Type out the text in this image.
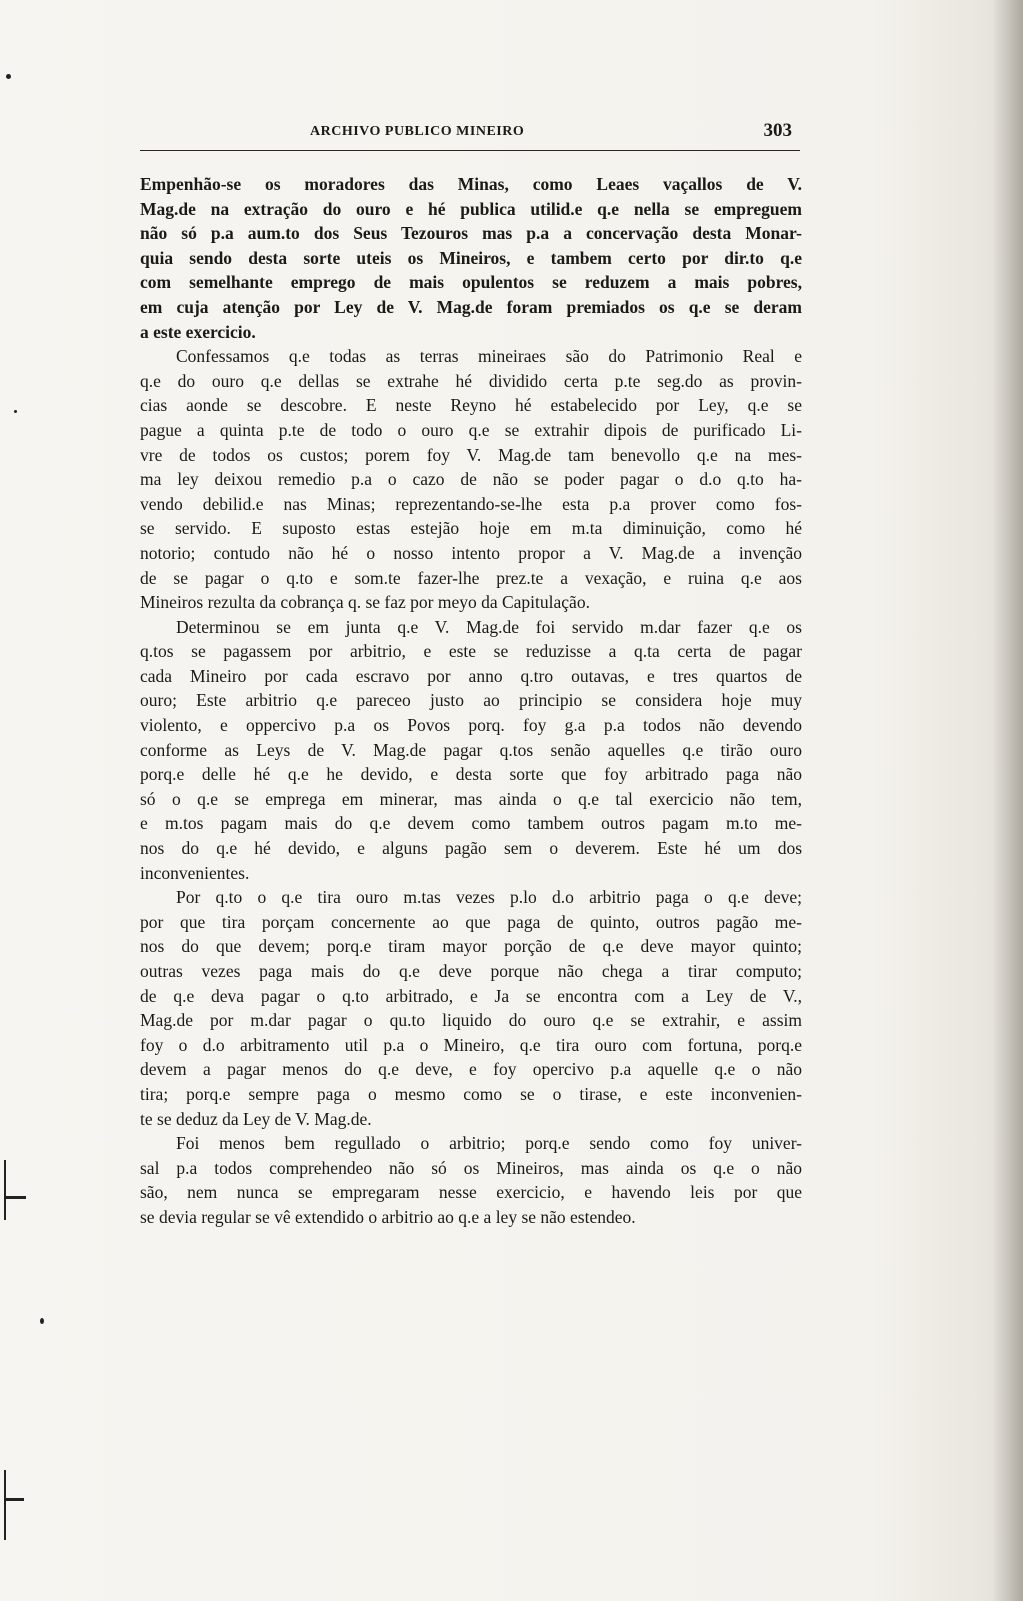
ARCHIVO PUBLICO MINEIRO	303
Empenhão-se os moradores das Minas, como Leaes vaçallos de V.
Mag.de na extração do ouro e hé publica utilid.e q.e nella se empreguem
não só p.a aum.to dos Seus Tezouros mas p.a a concervação desta Monar-
quia sendo desta sorte uteis os Mineiros, e tambem certo por dir.to q.e
com semelhante emprego de mais opulentos se reduzem a mais pobres,
em cuja atenção por Ley de V. Mag.de foram premiados os q.e se deram
a este exercicio.
Confessamos q.e todas as terras mineiraes são do Patrimonio Real e
q.e do ouro q.e dellas se extrahe hé dividido certa p.te seg.do as provin-
cias aonde se descobre. E neste Reyno hé estabelecido por Ley, q.e se
pague a quinta p.te de todo o ouro q.e se extrahir dipois de purificado Li-
vre de todos os custos; porem foy V. Mag.de tam benevollo q.e na mes-
ma ley deixou remedio p.a o cazo de não se poder pagar o d.o q.to ha-
vendo debilid.e nas Minas; reprezentando-se-lhe esta p.a prover como fos-
se servido. E suposto estas estejão hoje em m.ta diminuição, como hé
notorio; contudo não hé o nosso intento propor a V. Mag.de a invenção
de se pagar o q.to e som.te fazer-lhe prez.te a vexação, e ruina q.e aos
Mineiros rezulta da cobrança q. se faz por meyo da Capitulação.
Determinou se em junta q.e V. Mag.de foi servido m.dar fazer q.e os
q.tos se pagassem por arbitrio, e este se reduzisse a q.ta certa de pagar
cada Mineiro por cada escravo por anno q.tro outavas, e tres quartos de
ouro; Este arbitrio q.e pareceo justo ao principio se considera hoje muy
violento, e oppercivo p.a os Povos porq. foy g.a p.a todos não devendo
conforme as Leys de V. Mag.de pagar q.tos senão aquelles q.e tirão ouro
porq.e delle hé q.e he devido, e desta sorte que foy arbitrado paga não
só o q.e se emprega em minerar, mas ainda o q.e tal exercicio não tem,
e m.tos pagam mais do q.e devem como tambem outros pagam m.to me-
nos do q.e hé devido, e alguns pagão sem o deverem. Este hé um dos
inconvenientes.
Por q.to o q.e tira ouro m.tas vezes p.lo d.o arbitrio paga o q.e deve;
por que tira porçam concernente ao que paga de quinto, outros pagão me-
nos do que devem; porq.e tiram mayor porção de q.e deve mayor quinto;
outras vezes paga mais do q.e deve porque não chega a tirar computo;
de q.e deva pagar o q.to arbitrado, e Ja se encontra com a Ley de V.,
Mag.de por m.dar pagar o qu.to liquido do ouro q.e se extrahir, e assim
foy o d.o arbitramento util p.a o Mineiro, q.e tira ouro com fortuna, porq.e
devem a pagar menos do q.e deve, e foy opercivo p.a aquelle q.e o não
tira; porq.e sempre paga o mesmo como se o tirase, e este inconvenien-
te se deduz da Ley de V. Mag.de.
Foi menos bem regullado o arbitrio; porq.e sendo como foy univer-
sal p.a todos comprehendeo não só os Mineiros, mas ainda os q.e o não
são, nem nunca se empregaram nesse exercicio, e havendo leis por que
se devia regular se vê extendido o arbitrio ao q.e a ley se não estendeo.
